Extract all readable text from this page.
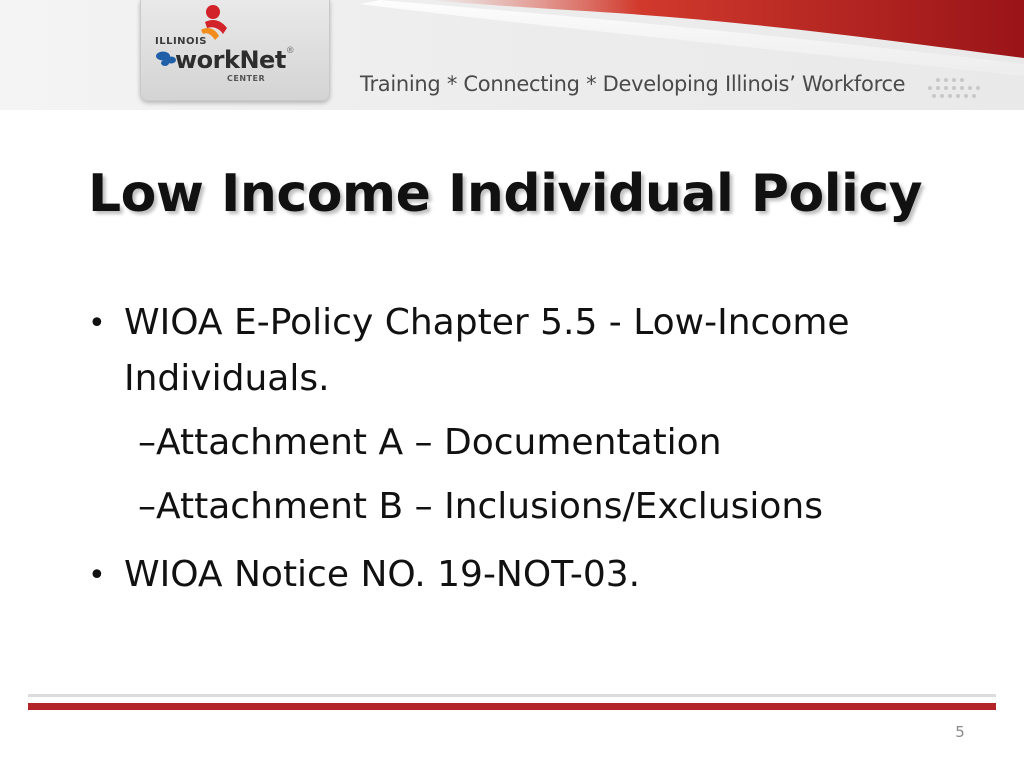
ILLINOIS
workNet®
CENTER	Training * Connecting * Developing Illinois’ Workforce
Low Income Individual Policy
• WIOA E-Policy Chapter 5.5 - Low-Income
Individuals.
–Attachment A – Documentation
–Attachment B – Inclusions/Exclusions
• WIOA Notice NO. 19-NOT-03.
5
